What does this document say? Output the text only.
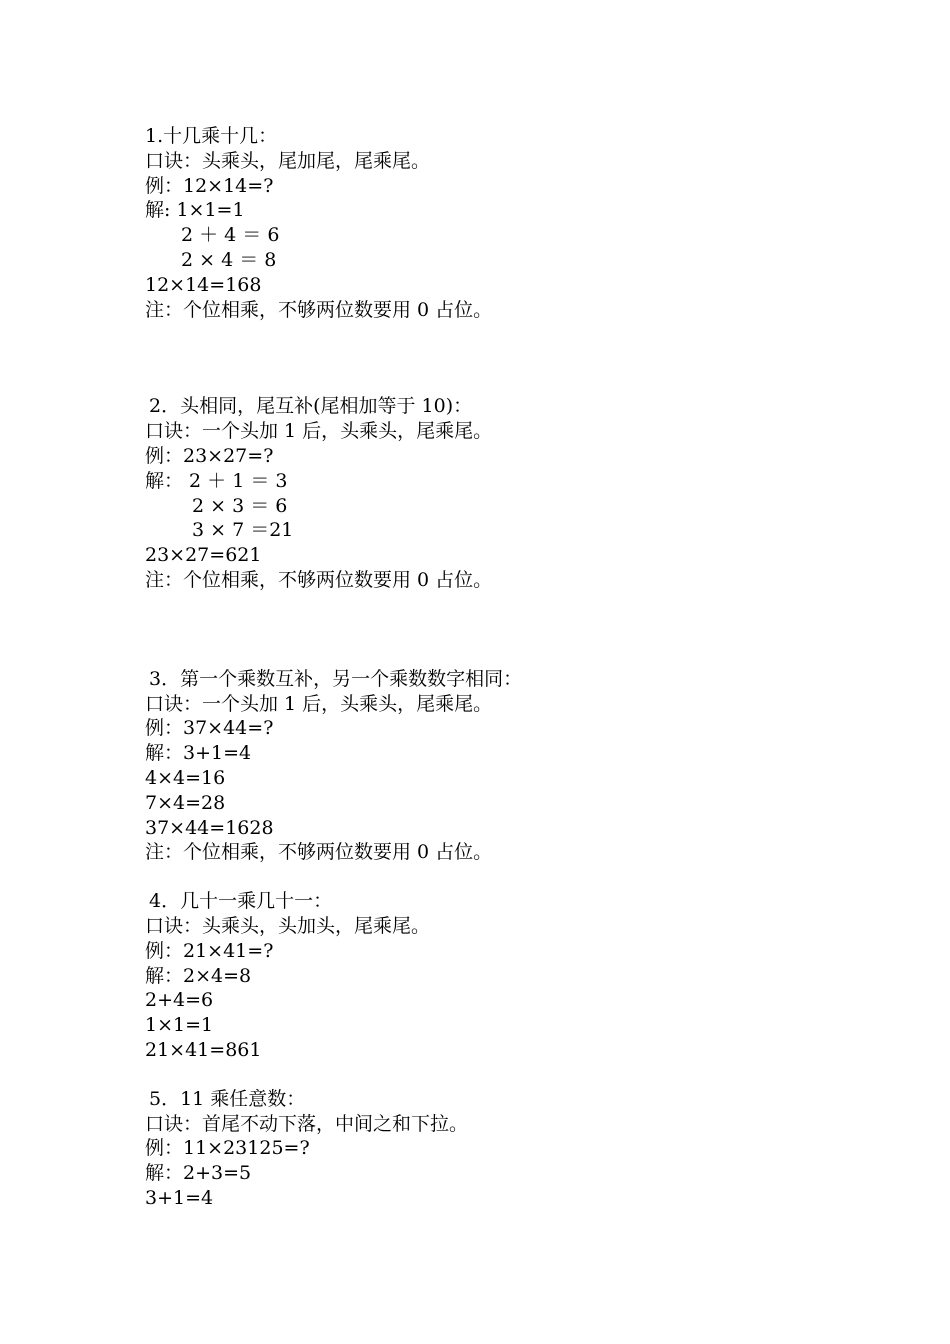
1.十几乘十几：
口诀：头乘头，尾加尾，尾乘尾。
例：12×14=?
解: 1×1=1
2 ＋ 4 ＝ 6
2 × 4 ＝ 8
12×14=168
注：个位相乘，不够两位数要用 0 占位。
2．头相同，尾互补(尾相加等于 10)：
口诀：一个头加 1 后，头乘头，尾乘尾。
例：23×27=?
解： 2 ＋ 1 ＝ 3
2 × 3 ＝ 6
3 × 7 ＝21
23×27=621
注：个位相乘，不够两位数要用 0 占位。
3．第一个乘数互补，另一个乘数数字相同：
口诀：一个头加 1 后，头乘头，尾乘尾。
例：37×44=?
解：3+1=4
4×4=16
7×4=28
37×44=1628
注：个位相乘，不够两位数要用 0 占位。
4．几十一乘几十一：
口诀：头乘头，头加头，尾乘尾。
例：21×41=?
解：2×4=8
2+4=6
1×1=1
21×41=861
5．11 乘任意数：
口诀：首尾不动下落，中间之和下拉。
例：11×23125=?
解：2+3=5
3+1=4
